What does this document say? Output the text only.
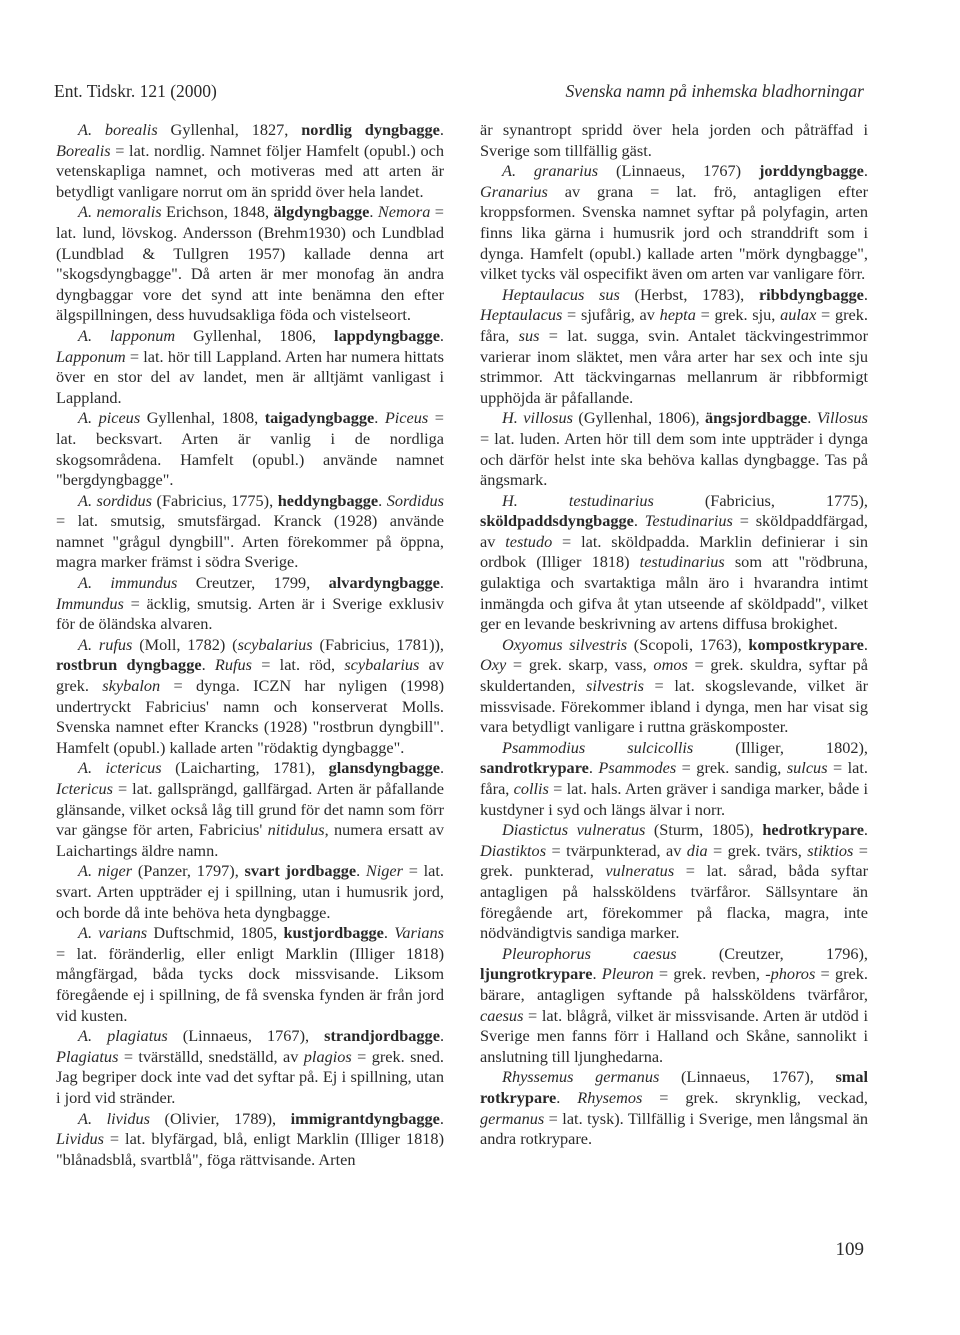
Ent. Tidskr. 121 (2000)	Svenska namn på inhemska bladhorningar

A. borealis Gyllenhal, 1827, nordlig dyngbagge. Borealis = lat. nordlig. Namnet följer Hamfelt (opubl.) och vetenskapliga namnet, och motiveras med att arten är betydligt vanligare norrut om än spridd över hela landet.

A. nemoralis Erichson, 1848, älgdyngbagge. Nemora = lat. lund, lövskog. Andersson (Brehm1930) och Lundblad (Lundblad & Tullgren 1957) kallade denna art "skogsdyngbagge". Då arten är mer monofag än andra dyngbaggar vore det synd att inte benämna den efter älgspillningen, dess huvudsakliga föda och vistelseort.

A. lapponum Gyllenhal, 1806, lappdyngbagge. Lapponum = lat. hör till Lappland. Arten har numera hittats över en stor del av landet, men är alltjämt vanligast i Lappland.

A. piceus Gyllenhal, 1808, taigadyngbagge. Piceus = lat. becksvart. Arten är vanlig i de nordliga skogsområdena. Hamfelt (opubl.) använde namnet "bergdyngbagge".

A. sordidus (Fabricius, 1775), heddyngbagge. Sordidus = lat. smutsig, smutsfärgad. Kranck (1928) använde namnet "grågul dyngbill". Arten förekommer på öppna, magra marker främst i södra Sverige.

A. immundus Creutzer, 1799, alvardyngbagge. Immundus = äcklig, smutsig. Arten är i Sverige exklusiv för de öländska alvaren.

A. rufus (Moll, 1782) (scybalarius (Fabricius, 1781)), rostbrun dyngbagge. Rufus = lat. röd, scybalarius av grek. skybalon = dynga. ICZN har nyligen (1998) undertryckt Fabricius' namn och konserverat Molls. Svenska namnet efter Krancks (1928) "rostbrun dyngbill". Hamfelt (opubl.) kallade arten "rödaktig dyngbagge".

A. ictericus (Laicharting, 1781), glansdyngbagge. Ictericus = lat. gallsprängd, gallfärgad. Arten är påfallande glänsande, vilket också låg till grund för det namn som förr var gängse för arten, Fabricius' nitidulus, numera ersatt av Laichartings äldre namn.

A. niger (Panzer, 1797), svart jordbagge. Niger = lat. svart. Arten uppträder ej i spillning, utan i humusrik jord, och borde då inte behöva heta dyngbagge.

A. varians Duftschmid, 1805, kustjordbagge. Varians = lat. föränderlig, eller enligt Marklin (Illiger 1818) mångfärgad, båda tycks dock missvisande. Liksom föregående ej i spillning, de få svenska fynden är från jord vid kusten.

A. plagiatus (Linnaeus, 1767), strandjordbagge. Plagiatus = tvärställd, snedställd, av plagios = grek. sned. Jag begriper dock inte vad det syftar på. Ej i spillning, utan i jord vid stränder.

A. lividus (Olivier, 1789), immigrantdyngbagge. Lividus = lat. blyfärgad, blå, enligt Marklin (Illiger 1818) "blånadsblå, svartblå", föga rättvisande. Arten

är synantropt spridd över hela jorden och påträffad i Sverige som tillfällig gäst.

A. granarius (Linnaeus, 1767) jorddyngbagge. Granarius av grana = lat. frö, antagligen efter kroppsformen. Svenska namnet syftar på polyfagin, arten finns lika gärna i humusrik jord och stranddrift som i dynga. Hamfelt (opubl.) kallade arten "mörk dyngbagge", vilket tycks väl ospecifikt även om arten var vanligare förr.

Heptaulacus sus (Herbst, 1783), ribbdyngbagge. Heptaulacus = sjufårig, av hepta = grek. sju, aulax = grek. fåra, sus = lat. sugga, svin. Antalet täckvingestrimmor varierar inom släktet, men våra arter har sex och inte sju strimmor. Att täckvingarnas mellanrum är ribbformigt upphöjda är påfallande.

H. villosus (Gyllenhal, 1806), ängsjordbagge. Villosus = lat. luden. Arten hör till dem som inte uppträder i dynga och därför helst inte ska behöva kallas dyngbagge. Tas på ängsmark.

H. testudinarius (Fabricius, 1775), sköldpaddsdyngbagge. Testudinarius = sköldpaddfärgad, av testudo = lat. sköldpadda. Marklin definierar i sin ordbok (Illiger 1818) testudinarius som att "rödbruna, gulaktiga och svartaktiga måln äro i hvarandra intimt inmängda och gifva åt ytan utseende af sköldpadd", vilket ger en levande beskrivning av artens diffusa brokighet.

Oxyomus silvestris (Scopoli, 1763), kompostkrypare. Oxy = grek. skarp, vass, omos = grek. skuldra, syftar på skuldertanden, silvestris = lat. skogslevande, vilket är missvisade. Förekommer ibland i dynga, men har visat sig vara betydligt vanligare i ruttna gräskomposter.

Psammodius sulcicollis (Illiger, 1802), sandrotkrypare. Psammodes = grek. sandig, sulcus = lat. fåra, collis = lat. hals. Arten gräver i sandiga marker, både i kustdyner i syd och längs älvar i norr.

Diastictus vulneratus (Sturm, 1805), hedrotkrypare. Diastiktos = tvärpunkterad, av dia = grek. tvärs, stiktios = grek. punkterad, vulneratus = lat. sårad, båda syftar antagligen på halssköldens tvärfåror. Sällsyntare än föregående art, förekommer på flacka, magra, inte nödvändigtvis sandiga marker.

Pleurophorus caesus (Creutzer, 1796), ljungrotkrypare. Pleuron = grek. revben, -phoros = grek. bärare, antagligen syftande på halssköldens tvärfåror, caesus = lat. blågrå, vilket är missvisande. Arten är utdöd i Sverige men fanns förr i Halland och Skåne, sannolikt i anslutning till ljunghedarna.

Rhyssemus germanus (Linnaeus, 1767), smal rotkrypare. Rhysemos = grek. skrynklig, veckad, germanus = lat. tysk). Tillfällig i Sverige, men långsmal än andra rotkrypare.

109
